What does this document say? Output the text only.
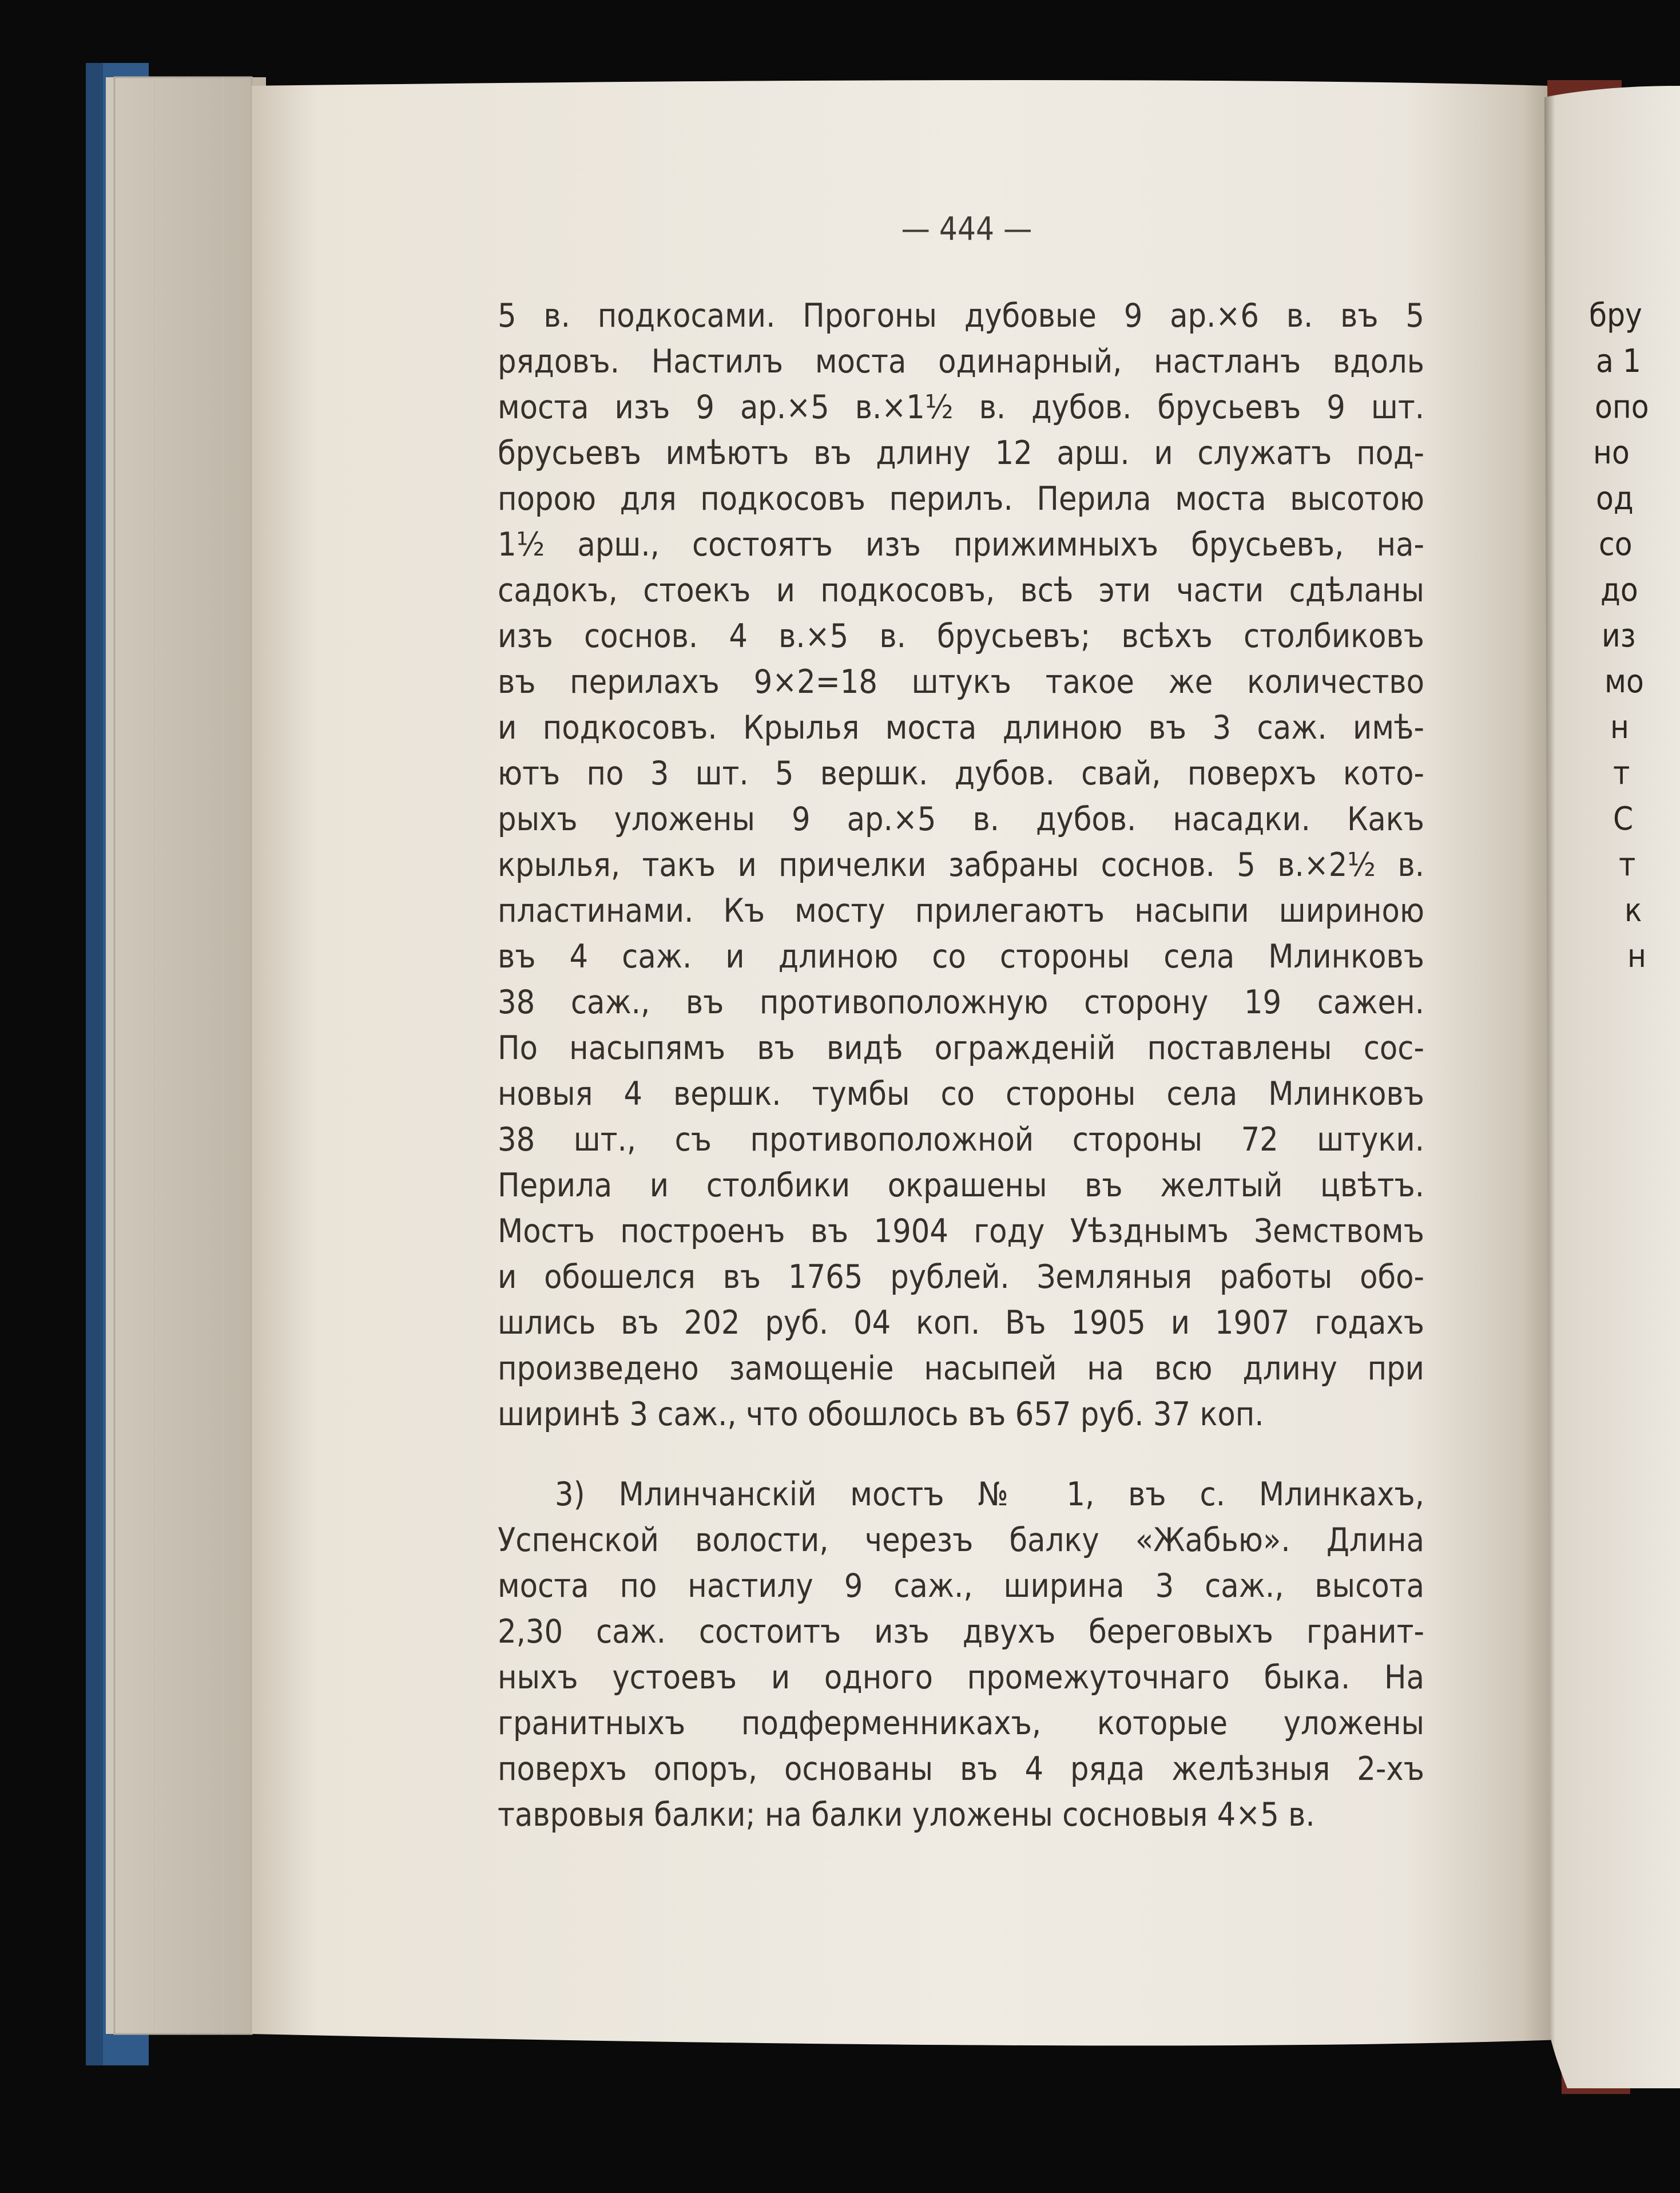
— 444 —
5 в. подкосами. Прогоны дубовые 9 ар.×6 в. въ 5
рядовъ. Настилъ моста одинарный, настланъ вдоль
моста изъ 9 ар.×5 в.×1½ в. дубов. брусьевъ 9 шт.
брусьевъ имѣютъ въ длину 12 арш. и служатъ под-
порою для подкосовъ перилъ. Перила моста высотою
1½ арш., состоятъ изъ прижимныхъ брусьевъ, на-
садокъ, стоекъ и подкосовъ, всѣ эти части сдѣланы
изъ соснов. 4 в.×5 в. брусьевъ; всѣхъ столбиковъ
въ перилахъ 9×2=18 штукъ такое же количество
и подкосовъ. Крылья моста длиною въ 3 саж. имѣ-
ютъ по 3 шт. 5 вершк. дубов. свай, поверхъ кото-
рыхъ уложены 9 ар.×5 в. дубов. насадки. Какъ
крылья, такъ и причелки забраны соснов. 5 в.×2½ в.
пластинами. Къ мосту прилегаютъ насыпи шириною
въ 4 саж. и длиною со стороны села Млинковъ
38 саж., въ противоположную сторону 19 сажен.
По насыпямъ въ видѣ огражденій поставлены сос-
новыя 4 вершк. тумбы со стороны села Млинковъ
38 шт., съ противоположной стороны 72 штуки.
Перила и столбики окрашены въ желтый цвѣтъ.
Мостъ построенъ въ 1904 году Уѣзднымъ Земствомъ
и обошелся въ 1765 рублей. Земляныя работы обо-
шлись въ 202 руб. 04 коп. Въ 1905 и 1907 годахъ
произведено замощеніе насыпей на всю длину при
ширинѣ 3 саж., что обошлось въ 657 руб. 37 коп.
3) Млинчанскій мостъ № 1, въ с. Млинкахъ,
Успенской волости, черезъ балку «Жабью». Длина
моста по настилу 9 саж., ширина 3 саж., высота
2,30 саж. состоитъ изъ двухъ береговыхъ гранит-
ныхъ устоевъ и одного промежуточнаго быка. На
гранитныхъ подферменникахъ, которые уложены
поверхъ опоръ, основаны въ 4 ряда желѣзныя 2-хъ
тавровыя балки; на балки уложены сосновыя 4×5 в.
бру
а 1
опо
но
од
со
до
из
мо
н
т
С
т
к
н
